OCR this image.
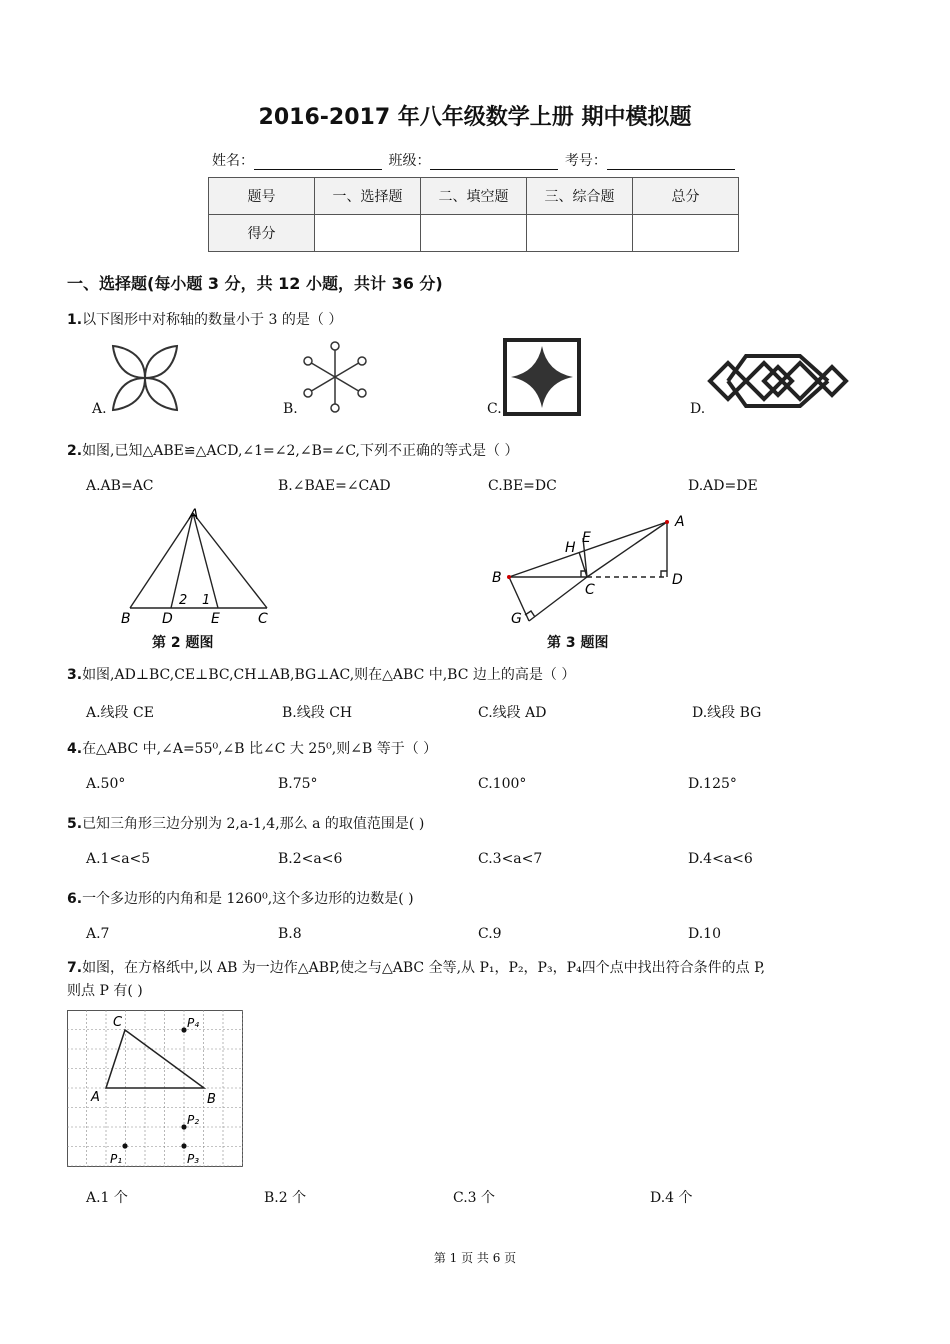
2016-2017 年八年级数学上册 期中模拟题
姓名：	班级：	考号：
题号	一、选择题	二、填空题	三、综合题	总分
得分				
一、选择题(每小题 3 分，共 12 小题，共计 36 分)
1.以下图形中对称轴的数量小于 3 的是（ ）
A.	B.	C.	D.
2.如图,已知△ABE≌△ACD,∠1=∠2,∠B=∠C,下列不正确的等式是（ ）
A.AB=AC	B.∠BAE=∠CAD	C.BE=DC	D.AD=DE
A
B D	E	C
2 1
第 2 题图
A
B
C
D
E
H
G
第 3 题图
3.如图,AD⊥BC,CE⊥BC,CH⊥AB,BG⊥AC,则在△ABC 中,BC 边上的高是（ ）
A.线段 CE	B.线段 CH	C.线段 AD	D.线段 BG
4.在△ABC 中,∠A=55⁰,∠B 比∠C 大 25⁰,则∠B 等于（ ）
A.50°	B.75°	C.100°	D.125°
5.已知三角形三边分别为 2,a-1,4,那么 a 的取值范围是( )
A.1<a<5	B.2<a<6	C.3<a<7	D.4<a<6
6.一个多边形的内角和是 1260⁰,这个多边形的边数是( )
A.7	B.8	C.9	D.10
7.如图，在方格纸中,以 AB 为一边作△ABP,使之与△ABC 全等,从 P₁，P₂，P₃，P₄四个点中找出符合条件的点 P,
则点 P 有( )
C
A	B
P₄
P₂
P₁	P₃
A.1 个	B.2 个	C.3 个	D.4 个
第 1 页 共 6 页
